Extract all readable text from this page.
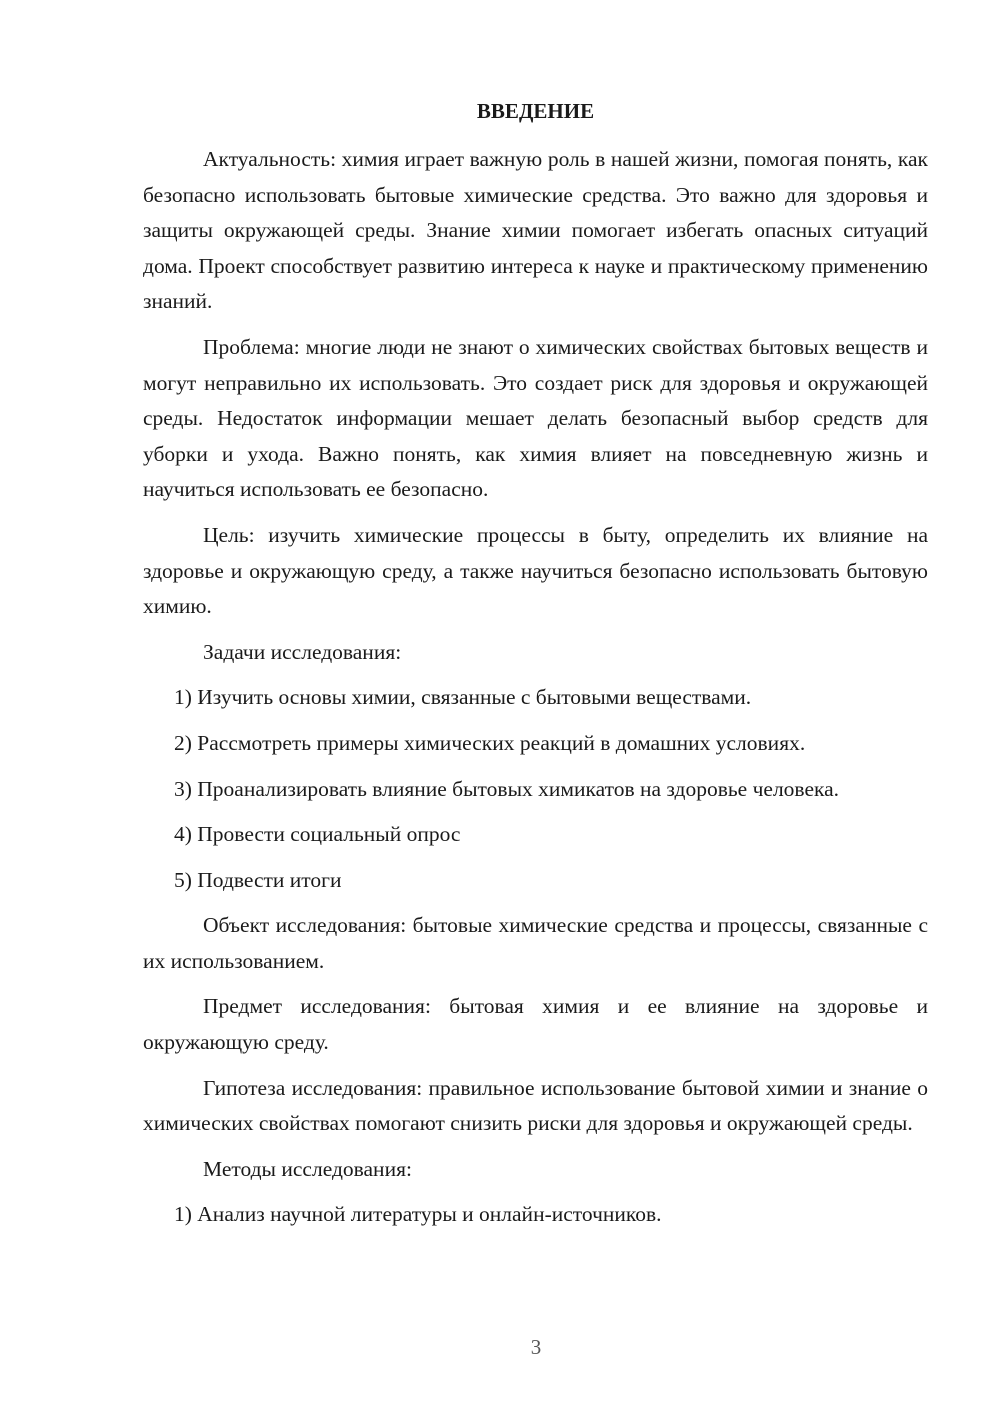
ВВЕДЕНИЕ

Актуальность: химия играет важную роль в нашей жизни, помогая понять, как безопасно использовать бытовые химические средства. Это важно для здоровья и защиты окружающей среды. Знание химии помогает избегать опасных ситуаций дома. Проект способствует развитию интереса к науке и практическому применению знаний.

Проблема: многие люди не знают о химических свойствах бытовых веществ и могут неправильно их использовать. Это создает риск для здоровья и окружающей среды. Недостаток информации мешает делать безопасный выбор средств для уборки и ухода. Важно понять, как химия влияет на повседневную жизнь и научиться использовать ее безопасно.

Цель: изучить химические процессы в быту, определить их влияние на здоровье и окружающую среду, а также научиться безопасно использовать бытовую химию.

Задачи исследования:

1) Изучить основы химии, связанные с бытовыми веществами.

2) Рассмотреть примеры химических реакций в домашних условиях.

3) Проанализировать влияние бытовых химикатов на здоровье человека.

4) Провести социальный опрос

5) Подвести итоги

Объект исследования: бытовые химические средства и процессы, связанные с их использованием.

Предмет исследования: бытовая химия и ее влияние на здоровье и окружающую среду.

Гипотеза исследования: правильное использование бытовой химии и знание о химических свойствах помогают снизить риски для здоровья и окружающей среды.

Методы исследования:

1) Анализ научной литературы и онлайн-источников.

3
